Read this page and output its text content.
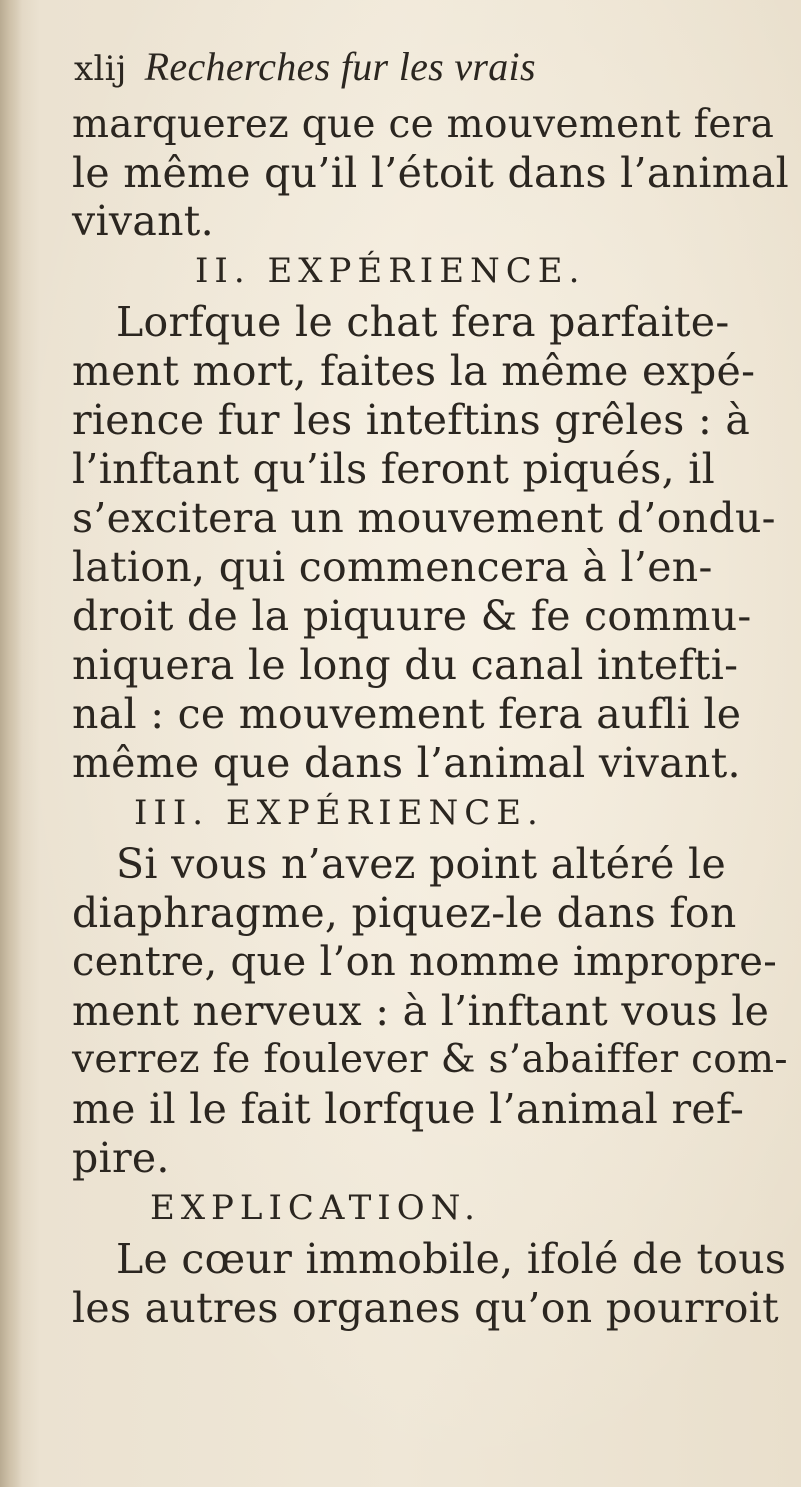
xlij Recherches fur les vrais
marquerez que ce mouvement fera
le même qu’il l’étoit dans l’animal
vivant.
II. EXPÉRIENCE.
Lorfque le chat fera parfaite-
ment mort, faites la même expé-
rience fur les inteftins grêles : à
l’inftant qu’ils feront piqués, il
s’excitera un mouvement d’ondu-
lation, qui commencera à l’en-
droit de la piquure & fe commu-
niquera le long du canal intefti-
nal : ce mouvement fera aufli le
même que dans l’animal vivant.
III. EXPÉRIENCE.
Si vous n’avez point altéré le
diaphragme, piquez-le dans fon
centre, que l’on nomme impropre-
ment nerveux : à l’inftant vous le
verrez fe foulever & s’abaiffer com-
me il le fait lorfque l’animal ref-
pire.
EXPLICATION.
Le cœur immobile, ifolé de tous
les autres organes qu’on pourroit
